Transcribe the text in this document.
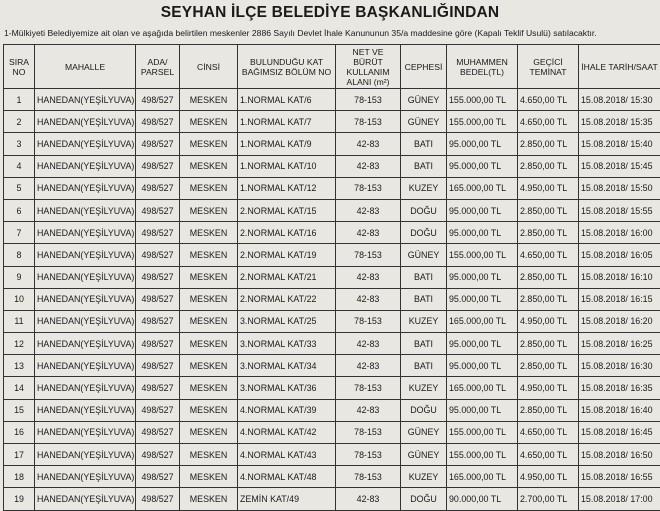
SEYHAN İLÇE BELEDİYE BAŞKANLIĞINDAN
1-Mülkiyeti Belediyemize ait olan ve aşağıda belirtilen meskenler 2886 Sayılı Devlet İhale Kanununun 35/a maddesine göre (Kapalı Teklif Usulü) satılacaktır.
SIRA NO	MAHALLE	ADA/ PARSEL	CİNSİ	BULUNDUĞU KAT BAĞIMSIZ BÖLÜM NO	NET VE BÜRÜT KULLANIM ALANI (m²)	CEPHESİ	MUHAMMEN BEDEL(TL)	GEÇİCİ TEMİNAT	İHALE TARİH/SAAT
1	HANEDAN(YEŞİLYUVA)	498/527	MESKEN	1.NORMAL KAT/6	78-153	GÜNEY	155.000,00 TL	4.650,00 TL	15.08.2018/ 15:30
2	HANEDAN(YEŞİLYUVA)	498/527	MESKEN	1.NORMAL KAT/7	78-153	GÜNEY	155.000,00 TL	4.650,00 TL	15.08.2018/ 15:35
3	HANEDAN(YEŞİLYUVA)	498/527	MESKEN	1.NORMAL KAT/9	42-83	BATI	95.000,00 TL	2.850,00 TL	15.08.2018/ 15:40
4	HANEDAN(YEŞİLYUVA)	498/527	MESKEN	1.NORMAL KAT/10	42-83	BATI	95.000,00 TL	2.850,00 TL	15.08.2018/ 15:45
5	HANEDAN(YEŞİLYUVA)	498/527	MESKEN	1.NORMAL KAT/12	78-153	KUZEY	165.000,00 TL	4.950,00 TL	15.08.2018/ 15:50
6	HANEDAN(YEŞİLYUVA)	498/527	MESKEN	2.NORMAL KAT/15	42-83	DOĞU	95.000,00 TL	2.850,00 TL	15.08.2018/ 15:55
7	HANEDAN(YEŞİLYUVA)	498/527	MESKEN	2.NORMAL KAT/16	42-83	DOĞU	95.000,00 TL	2.850,00 TL	15.08.2018/ 16:00
8	HANEDAN(YEŞİLYUVA)	498/527	MESKEN	2.NORMAL KAT/19	78-153	GÜNEY	155.000,00 TL	4.650,00 TL	15.08.2018/ 16:05
9	HANEDAN(YEŞİLYUVA)	498/527	MESKEN	2.NORMAL KAT/21	42-83	BATI	95.000,00 TL	2.850,00 TL	15.08.2018/ 16:10
10	HANEDAN(YEŞİLYUVA)	498/527	MESKEN	2.NORMAL KAT/22	42-83	BATI	95.000,00 TL	2.850,00 TL	15.08.2018/ 16:15
11	HANEDAN(YEŞİLYUVA)	498/527	MESKEN	3.NORMAL KAT/25	78-153	KUZEY	165.000,00 TL	4.950,00 TL	15.08.2018/ 16:20
12	HANEDAN(YEŞİLYUVA)	498/527	MESKEN	3.NORMAL KAT/33	42-83	BATI	95.000,00 TL	2.850,00 TL	15.08.2018/ 16:25
13	HANEDAN(YEŞİLYUVA)	498/527	MESKEN	3.NORMAL KAT/34	42-83	BATI	95.000,00 TL	2.850,00 TL	15.08.2018/ 16:30
14	HANEDAN(YEŞİLYUVA)	498/527	MESKEN	3.NORMAL KAT/36	78-153	KUZEY	165.000,00 TL	4.950,00 TL	15.08.2018/ 16:35
15	HANEDAN(YEŞİLYUVA)	498/527	MESKEN	4.NORMAL KAT/39	42-83	DOĞU	95.000,00 TL	2.850,00 TL	15.08.2018/ 16:40
16	HANEDAN(YEŞİLYUVA)	498/527	MESKEN	4.NORMAL KAT/42	78-153	GÜNEY	155.000,00 TL	4.650,00 TL	15.08.2018/ 16:45
17	HANEDAN(YEŞİLYUVA)	498/527	MESKEN	4.NORMAL KAT/43	78-153	GÜNEY	155.000,00 TL	4.650,00 TL	15.08.2018/ 16:50
18	HANEDAN(YEŞİLYUVA)	498/527	MESKEN	4.NORMAL KAT/48	78-153	KUZEY	165.000,00 TL	4.950,00 TL	15.08.2018/ 16:55
19	HANEDAN(YEŞİLYUVA)	498/527	MESKEN	ZEMİN KAT/49	42-83	DOĞU	90.000,00 TL	2.700,00 TL	15.08.2018/ 17:00
